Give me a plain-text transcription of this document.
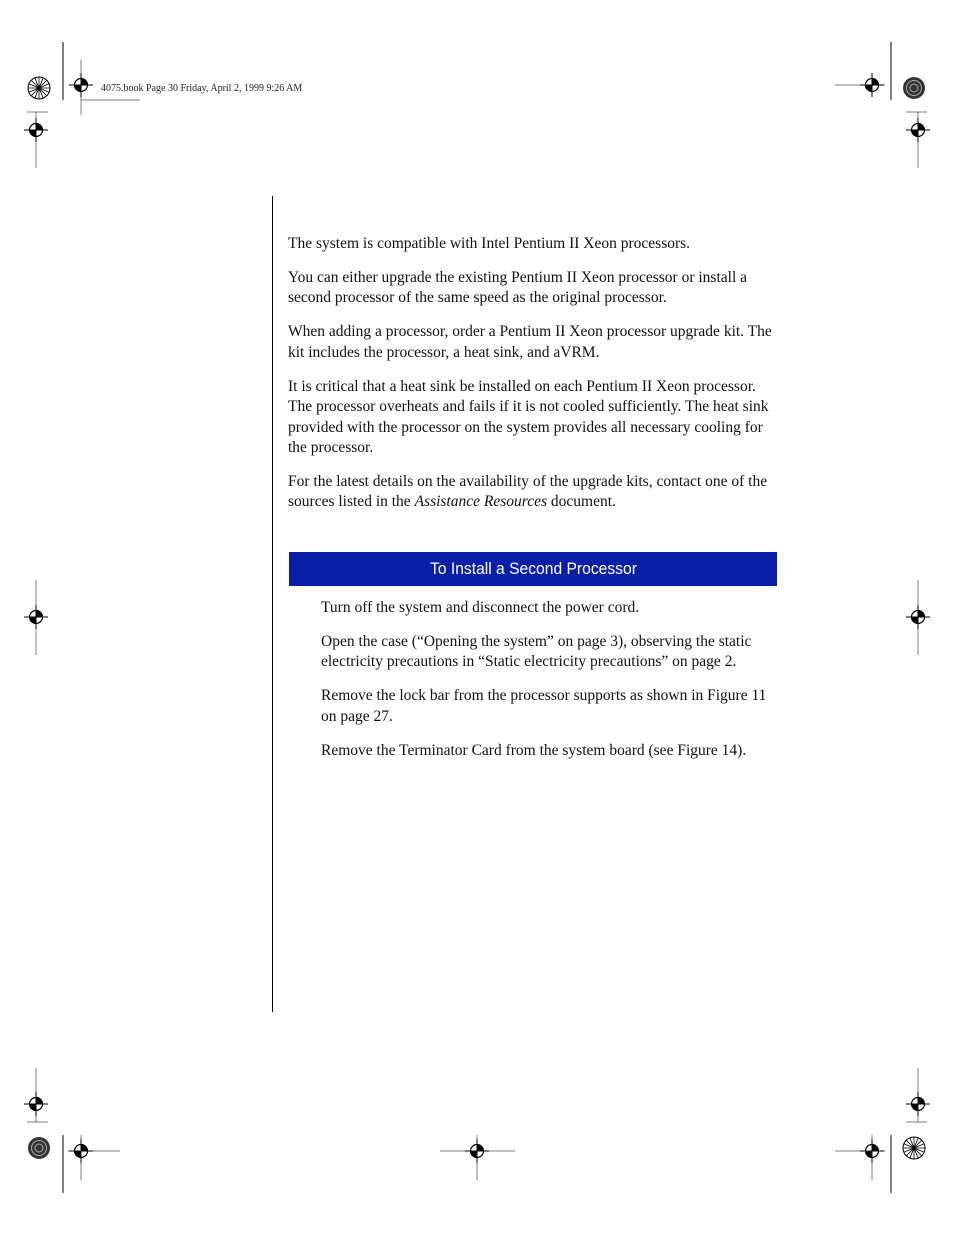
4075.book Page 30 Friday, April 2, 1999 9:26 AM

The system is compatible with Intel Pentium II Xeon processors.

You can either upgrade the existing Pentium II Xeon processor or install a second processor of the same speed as the original processor.

When adding a processor, order a Pentium II Xeon processor upgrade kit. The kit includes the processor, a heat sink, and aVRM.

It is critical that a heat sink be installed on each Pentium II Xeon processor. The processor overheats and fails if it is not cooled sufficiently. The heat sink provided with the processor on the system provides all necessary cooling for the processor.

For the latest details on the availability of the upgrade kits, contact one of the sources listed in the Assistance Resources document.

To Install a Second Processor

Turn off the system and disconnect the power cord.

Open the case (“Opening the system” on page 3), observing the static electricity precautions in “Static electricity precautions” on page 2.

Remove the lock bar from the processor supports as shown in Figure 11 on page 27.

Remove the Terminator Card from the system board (see Figure 14).
